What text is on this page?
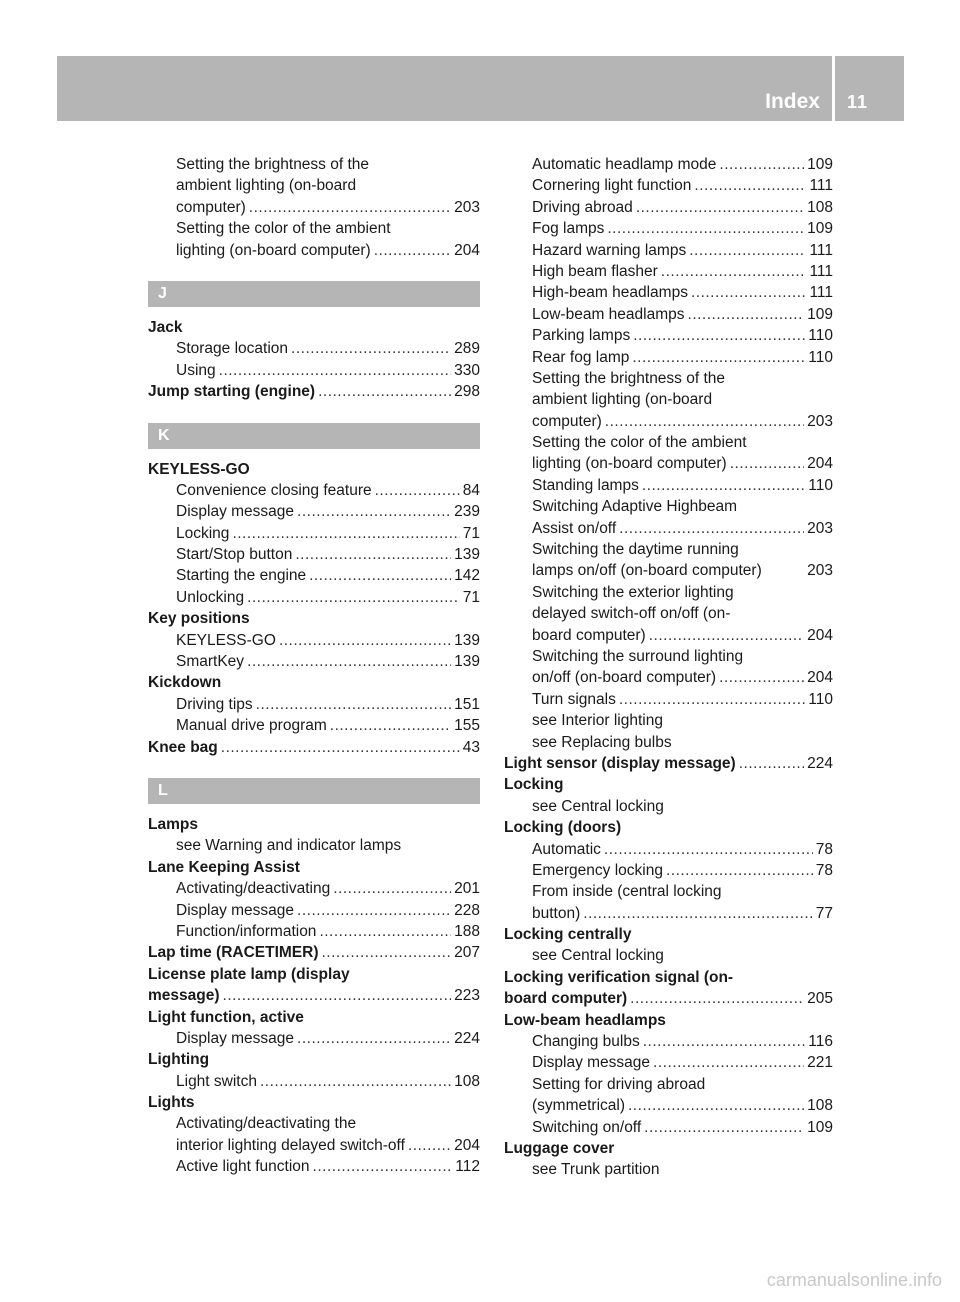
Index 11
Setting the brightness of the
ambient lighting (on-board
computer) .....	203
Setting the color of the ambient
lighting (on-board computer) .....	204
J
Jack
Storage location .....	289
Using .....	330
Jump starting (engine) .....	298
K
KEYLESS-GO
Convenience closing feature .....	84
Display message .....	239
Locking .....	71
Start/Stop button .....	139
Starting the engine .....	142
Unlocking .....	71
Key positions
KEYLESS-GO .....	139
SmartKey .....	139
Kickdown
Driving tips .....	151
Manual drive program .....	155
Knee bag .....	43
L
Lamps
see Warning and indicator lamps
Lane Keeping Assist
Activating/deactivating .....	201
Display message .....	228
Function/information .....	188
Lap time (RACETIMER) .....	207
License plate lamp (display
message) .....	223
Light function, active
Display message .....	224
Lighting
Light switch .....	108
Lights
Activating/deactivating the
interior lighting delayed switch-off .....	204
Active light function .....	112
Automatic headlamp mode .....	109
Cornering light function .....	111
Driving abroad .....	108
Fog lamps .....	109
Hazard warning lamps .....	111
High beam flasher .....	111
High-beam headlamps .....	111
Low-beam headlamps .....	109
Parking lamps .....	110
Rear fog lamp .....	110
Setting the brightness of the
ambient lighting (on-board
computer) .....	203
Setting the color of the ambient
lighting (on-board computer) .....	204
Standing lamps .....	110
Switching Adaptive Highbeam
Assist on/off .....	203
Switching the daytime running
lamps on/off (on-board computer)	203
Switching the exterior lighting
delayed switch-off on/off (on-
board computer) .....	204
Switching the surround lighting
on/off (on-board computer) .....	204
Turn signals .....	110
see Interior lighting
see Replacing bulbs
Light sensor (display message) .....	224
Locking
see Central locking
Locking (doors)
Automatic .....	78
Emergency locking .....	78
From inside (central locking
button) .....	77
Locking centrally
see Central locking
Locking verification signal (on-
board computer) .....	205
Low-beam headlamps
Changing bulbs .....	116
Display message .....	221
Setting for driving abroad
(symmetrical) .....	108
Switching on/off .....	109
Luggage cover
see Trunk partition
carmanualsonline.info
